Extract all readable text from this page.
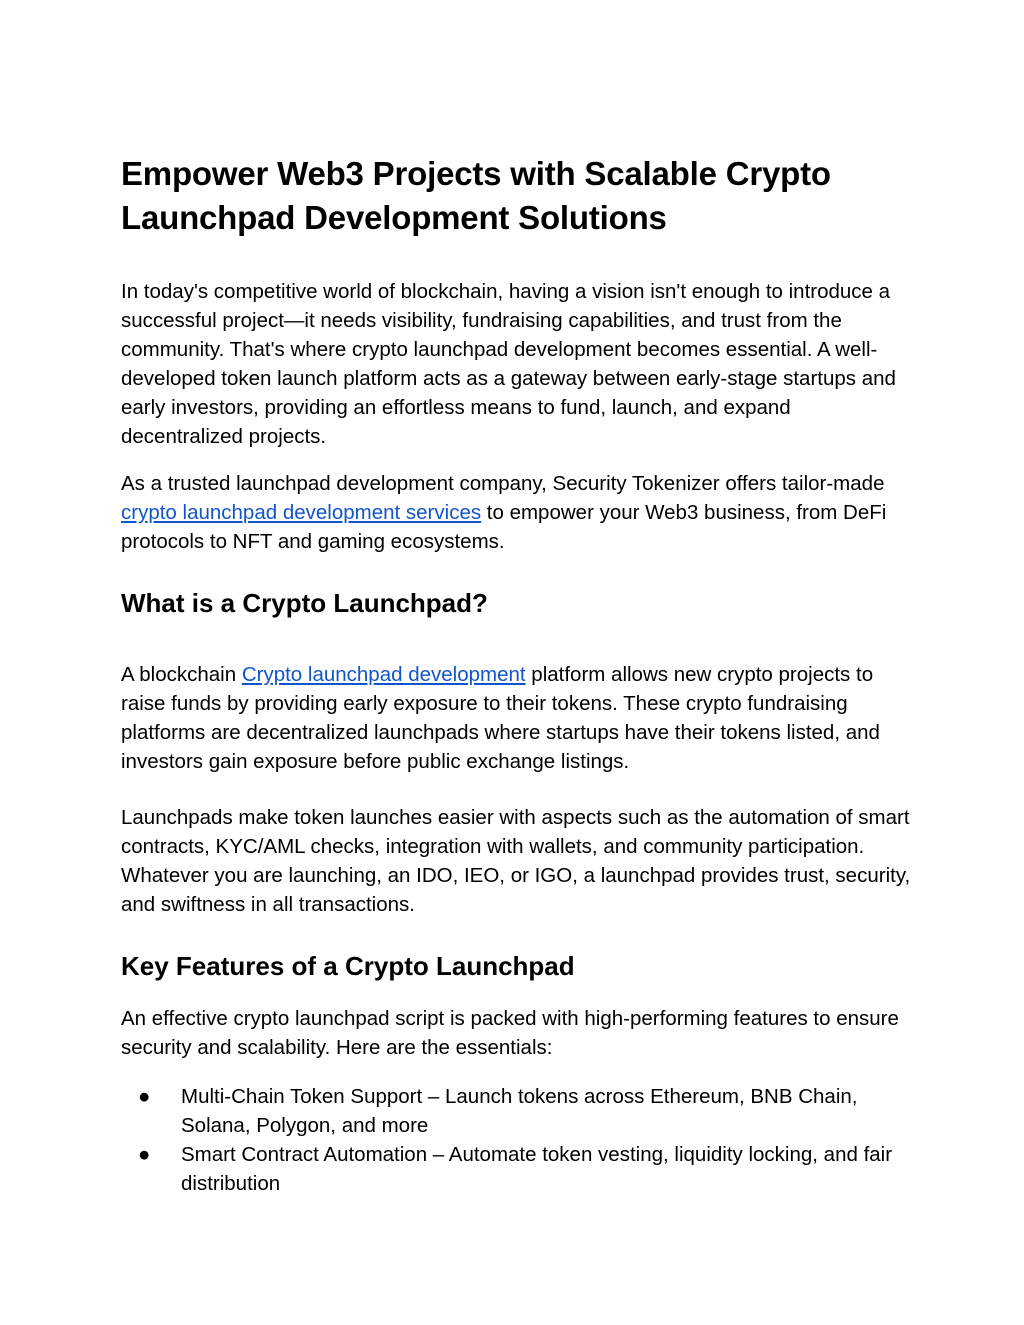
Empower Web3 Projects with Scalable Crypto Launchpad Development Solutions

In today's competitive world of blockchain, having a vision isn't enough to introduce a successful project—it needs visibility, fundraising capabilities, and trust from the community. That's where crypto launchpad development becomes essential. A well-developed token launch platform acts as a gateway between early-stage startups and early investors, providing an effortless means to fund, launch, and expand decentralized projects.

As a trusted launchpad development company, Security Tokenizer offers tailor-made crypto launchpad development services to empower your Web3 business, from DeFi protocols to NFT and gaming ecosystems.

What is a Crypto Launchpad?

A blockchain Crypto launchpad development platform allows new crypto projects to raise funds by providing early exposure to their tokens. These crypto fundraising platforms are decentralized launchpads where startups have their tokens listed, and investors gain exposure before public exchange listings.

Launchpads make token launches easier with aspects such as the automation of smart contracts, KYC/AML checks, integration with wallets, and community participation. Whatever you are launching, an IDO, IEO, or IGO, a launchpad provides trust, security, and swiftness in all transactions.

Key Features of a Crypto Launchpad

An effective crypto launchpad script is packed with high-performing features to ensure security and scalability. Here are the essentials:

● Multi-Chain Token Support – Launch tokens across Ethereum, BNB Chain, Solana, Polygon, and more
● Smart Contract Automation – Automate token vesting, liquidity locking, and fair distribution
